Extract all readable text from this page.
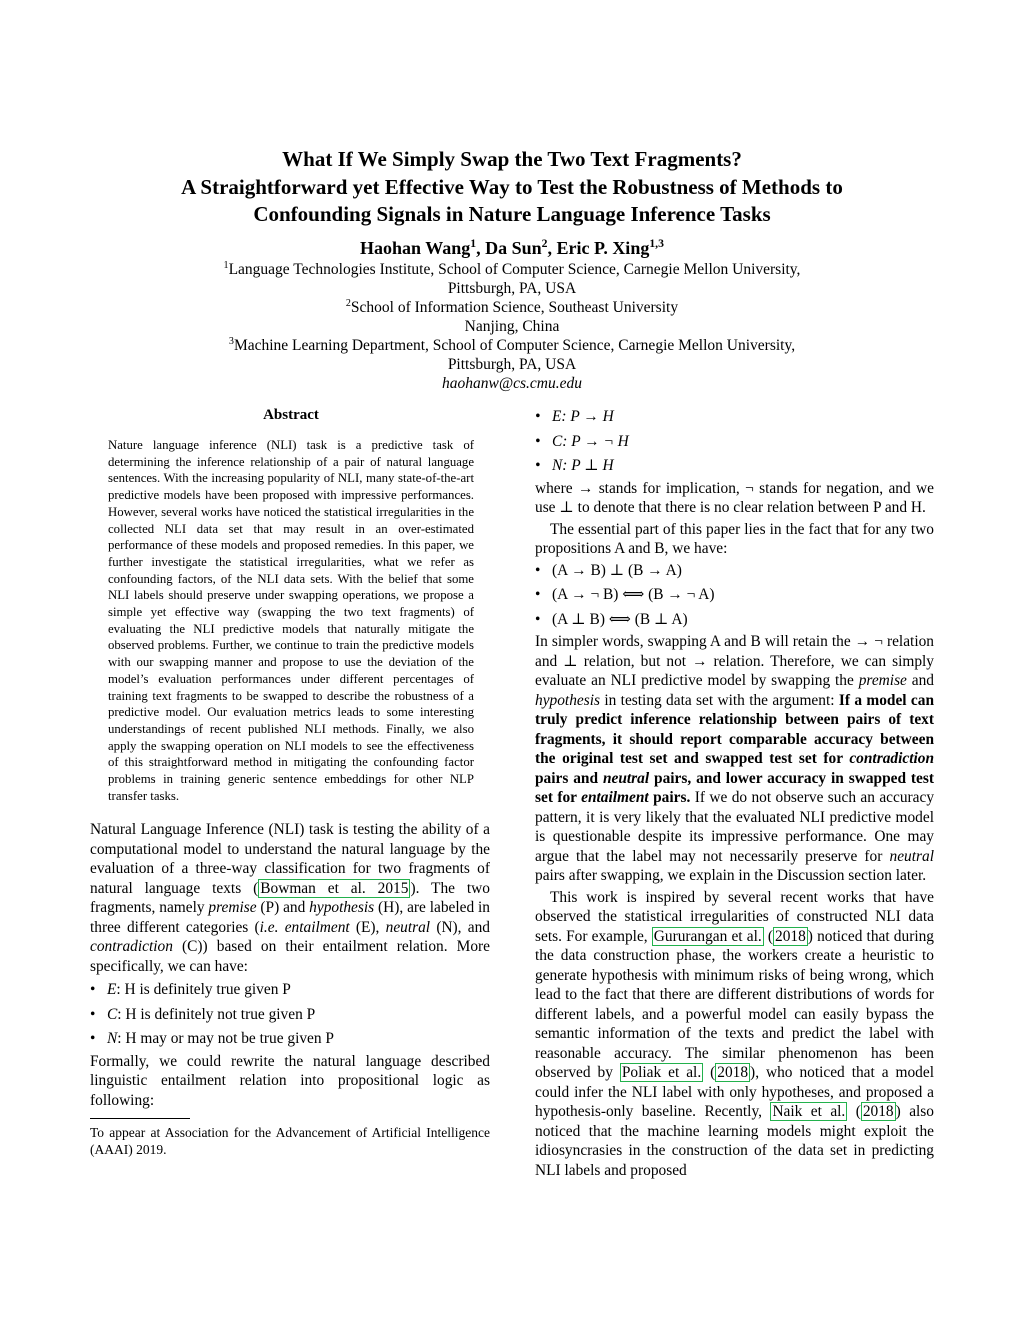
What If We Simply Swap the Two Text Fragments?
A Straightforward yet Effective Way to Test the Robustness of Methods to
Confounding Signals in Nature Language Inference Tasks
Haohan Wang$^1$, Da Sun$^2$, Eric P. Xing$^{1,3}$
$^1$Language Technologies Institute, School of Computer Science, Carnegie Mellon University,
Pittsburgh, PA, USA
$^2$School of Information Science, Southeast University
Nanjing, China
$^3$Machine Learning Department, School of Computer Science, Carnegie Mellon University,
Pittsburgh, PA, USA
haohanw@cs.cmu.edu
Abstract
Nature language inference (NLI) task is a predictive task of determining the inference relationship of a pair of natural language sentences. With the increasing popularity of NLI, many state-of-the-art predictive models have been proposed with impressive performances. However, several works have noticed the statistical irregularities in the collected NLI data set that may result in an over-estimated performance of these models and proposed remedies. In this paper, we further investigate the statistical irregularities, what we refer as confounding factors, of the NLI data sets. With the belief that some NLI labels should preserve under swapping operations, we propose a simple yet effective way (swapping the two text fragments) of evaluating the NLI predictive models that naturally mitigate the observed problems. Further, we continue to train the predictive models with our swapping manner and propose to use the deviation of the model’s evaluation performances under different percentages of training text fragments to be swapped to describe the robustness of a predictive model. Our evaluation metrics leads to some interesting understandings of recent published NLI methods. Finally, we also apply the swapping operation on NLI models to see the effectiveness of this straightforward method in mitigating the confounding factor problems in training generic sentence embeddings for other NLP transfer tasks.

Natural Language Inference (NLI) task is testing the ability of a computational model to understand the natural language by the evaluation of a three-way classification for two fragments of natural language texts ( Bowman et al. 2015 ). The two fragments, namely premise (P) and hypothesis (H), are labeled in three different categories (i.e. entailment (E), neutral (N), and contradiction (C)) based on their entailment relation. More specifically, we can have:

• E: H is definitely true given P
• C: H is definitely not true given P
• N: H may or may not be true given P

Formally, we could rewrite the natural language described linguistic entailment relation into propositional logic as following:

To appear at Association for the Advancement of Artificial Intelligence (AAAI) 2019.
• E: P → H
• C: P → ¬ H
• N: P ⊥ H

where → stands for implication, ¬ stands for negation, and we use ⊥ to denote that there is no clear relation between P and H.

The essential part of this paper lies in the fact that for any two propositions A and B, we have:

• (A → B) ⊥ (B → A)
• (A → ¬ B) ⟺ (B → ¬ A)
• (A ⊥ B) ⟺ (B ⊥ A)

In simpler words, swapping A and B will retain the → ¬ relation and ⊥ relation, but not → relation. Therefore, we can simply evaluate an NLI predictive model by swapping the premise and hypothesis in testing data set with the argument: If a model can truly predict inference relationship between pairs of text fragments, it should report comparable accuracy between the original test set and swapped test set for contradiction pairs and neutral pairs, and lower accuracy in swapped test set for entailment pairs. If we do not observe such an accuracy pattern, it is very likely that the evaluated NLI predictive model is questionable despite its impressive performance. One may argue that the label may not necessarily preserve for neutral pairs after swapping, we explain in the Discussion section later.

This work is inspired by several recent works that have observed the statistical irregularities of constructed NLI data sets. For example, Gururangan et al. ( 2018 ) noticed that during the data construction phase, the workers create a heuristic to generate hypothesis with minimum risks of being wrong, which lead to the fact that there are different distributions of words for different labels, and a powerful model can easily bypass the semantic information of the texts and predict the label with reasonable accuracy. The similar phenomenon has been observed by Poliak et al. ( 2018 ), who noticed that a model could infer the NLI label with only hypotheses, and proposed a hypothesis-only baseline. Recently, Naik et al. ( 2018 ) also noticed that the machine learning models might exploit the idiosyncrasies in the construction of the data set in predicting NLI labels and proposed
